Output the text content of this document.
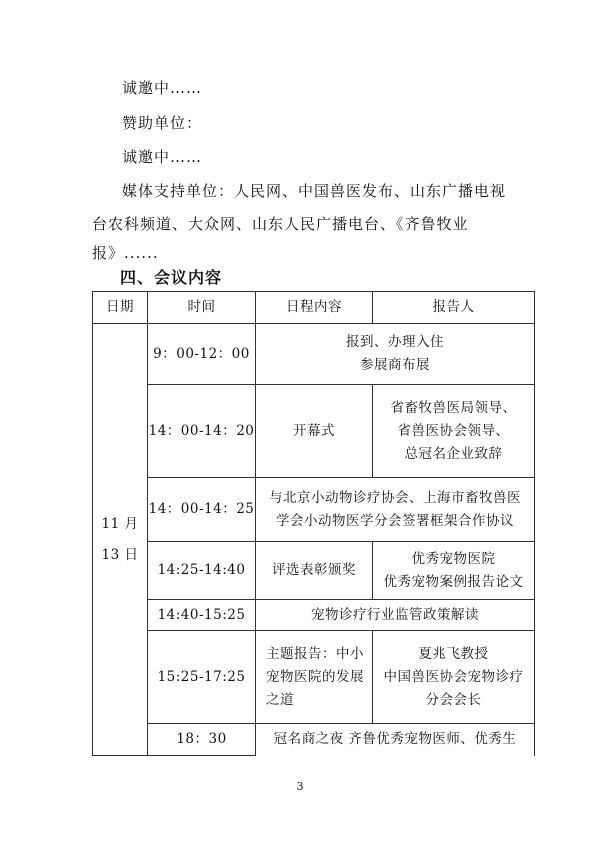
诚邀中……
赞助单位：
诚邀中……
媒体支持单位：人民网、中国兽医发布、山东广播电视
台农科频道、大众网、山东人民广播电台、《齐鲁牧业
报》......
四、会议内容
日期	时间	日程内容	报告人

11 月
13 日	9：00-12：00	报到、办理入住
参展商布展	

	14：00-14：20	开幕式	省畜牧兽医局领导、
省兽医协会领导、
总冠名企业致辞

	14：00-14：25	与北京小动物诊疗协会、上海市畜牧兽医
学会小动物医学分会签署框架合作协议	

	14:25-14:40	评选表彰颁奖	优秀宠物医院
优秀宠物案例报告论文

	14:40-15:25	宠物诊疗行业监管政策解读	
	15:25-17:25	主题报告：中小
宠物医院的发展
之道	夏兆飞教授
中国兽医协会宠物诊疗
分会会长

	18：30	冠名商之夜 齐鲁优秀宠物医师、优秀生	
3
